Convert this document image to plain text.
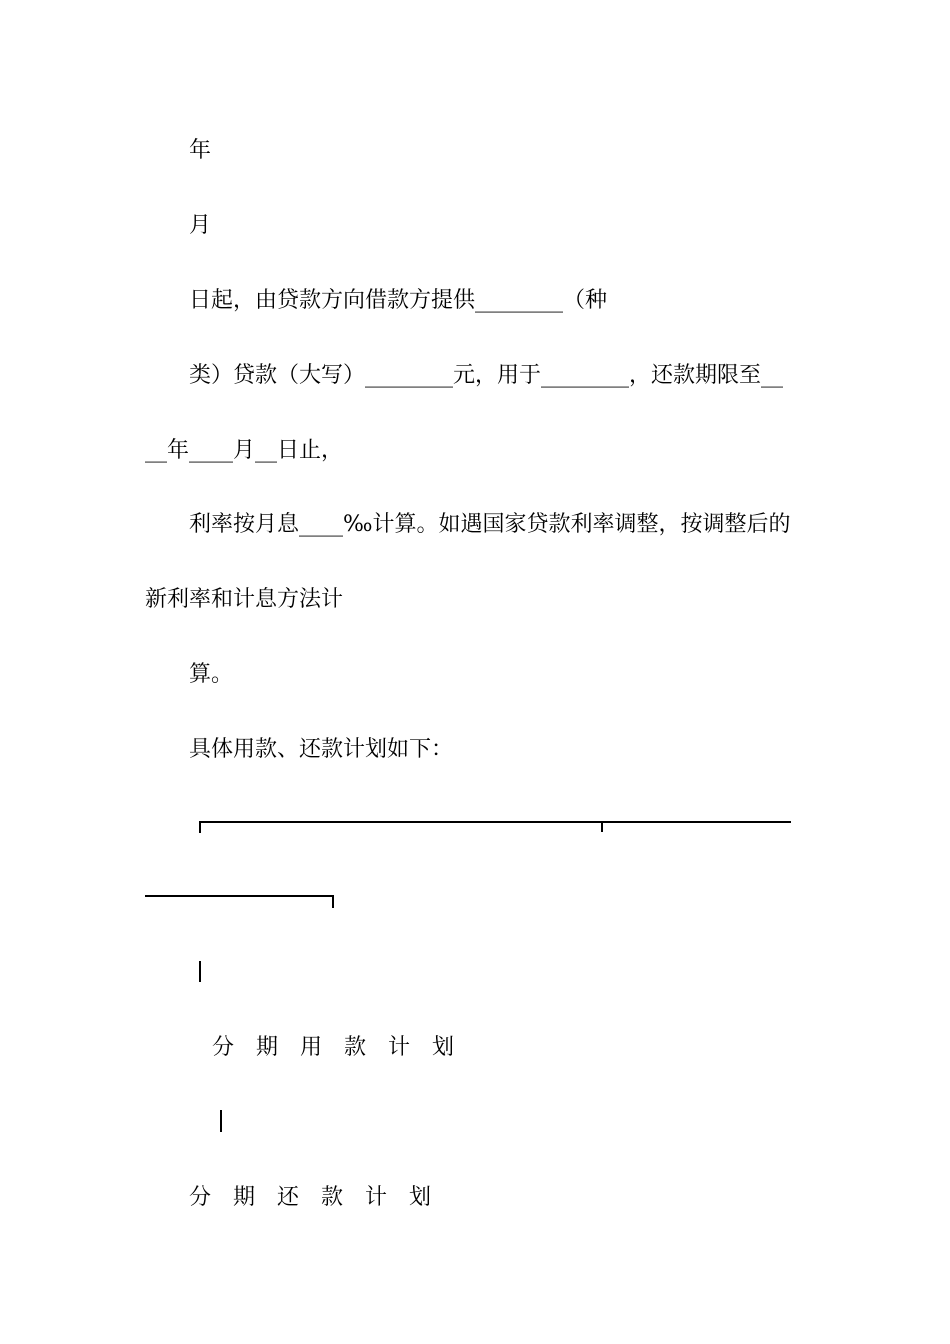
年
月
日起，由贷款方向借款方提供________（种
类）贷款（大写）________元，用于________，还款期限至__
__年____月__日止，
利率按月息____‰计算。如遇国家贷款利率调整，按调整后的
新利率和计息方法计
算。
具体用款、还款计划如下：
分　期　用　款　计　划
分　期　还　款　计　划
